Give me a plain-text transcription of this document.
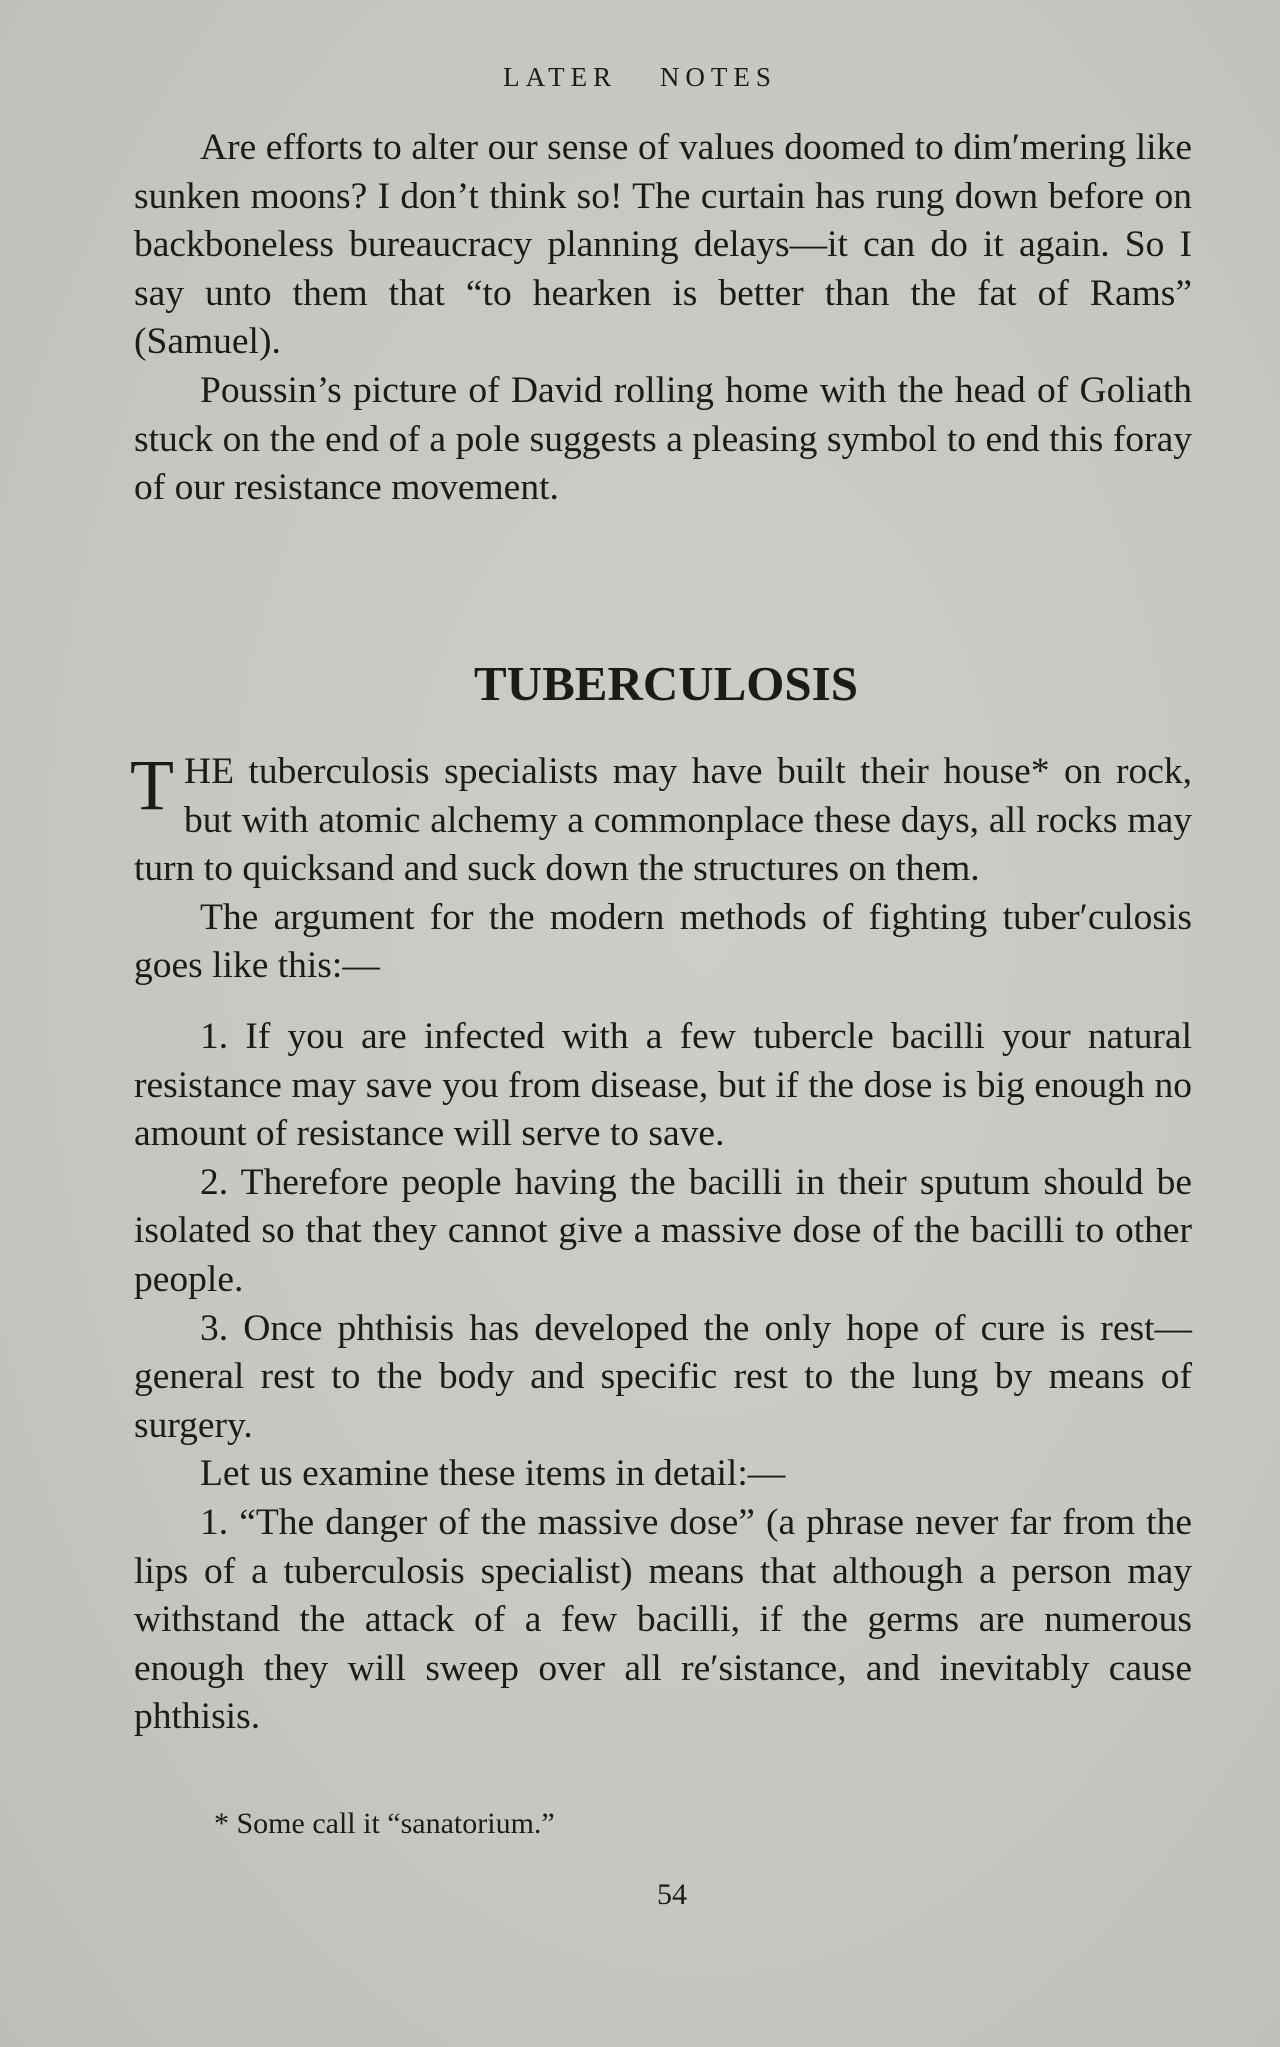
LATER NOTES

Are efforts to alter our sense of values doomed to dim′mering like sunken moons? I don’t think so! The curtain has rung down before on backboneless bureaucracy planning delays—it can do it again. So I say unto them that “to hearken is better than the fat of Rams” (Samuel).

Poussin’s picture of David rolling home with the head of Goliath stuck on the end of a pole suggests a pleasing symbol to end this foray of our resistance movement.

TUBERCULOSIS

THE tuberculosis specialists may have built their house* on rock, but with atomic alchemy a commonplace these days, all rocks may turn to quicksand and suck down the structures on them.

The argument for the modern methods of fighting tuber′culosis goes like this:—

1. If you are infected with a few tubercle bacilli your natural resistance may save you from disease, but if the dose is big enough no amount of resistance will serve to save.

2. Therefore people having the bacilli in their sputum should be isolated so that they cannot give a massive dose of the bacilli to other people.

3. Once phthisis has developed the only hope of cure is rest—general rest to the body and specific rest to the lung by means of surgery.

Let us examine these items in detail:—

1. “The danger of the massive dose” (a phrase never far from the lips of a tuberculosis specialist) means that although a person may withstand the attack of a few bacilli, if the germs are numerous enough they will sweep over all re′sistance, and inevitably cause phthisis.

* Some call it “sanatorium.”
54
